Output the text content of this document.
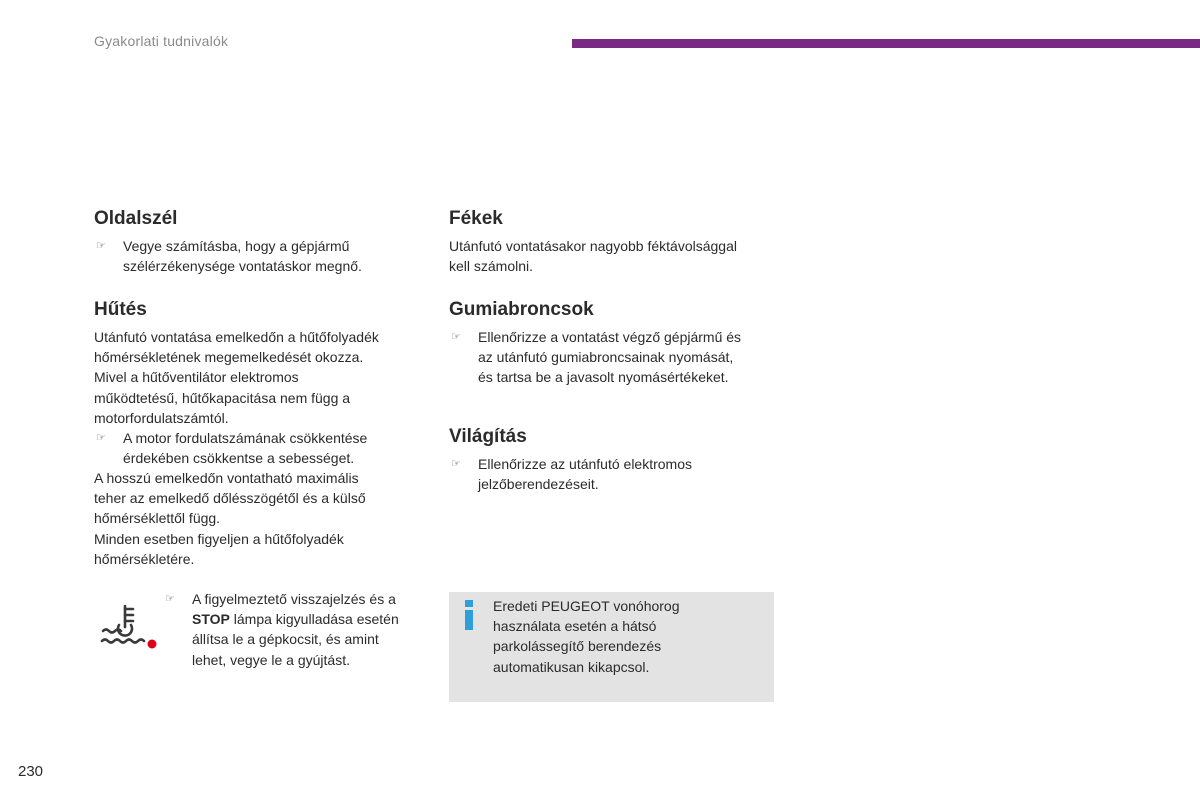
Gyakorlati tudnivalók
Oldalszél
☞ Vegye számításba, hogy a gépjármű
szélérzékenysége vontatáskor megnő.
Hűtés
Utánfutó vontatása emelkedőn a hűtőfolyadék
hőmérsékletének megemelkedését okozza.
Mivel a hűtőventilátor elektromos
működtetésű, hűtőkapacitása nem függ a
motorfordulatszámtól.
☞ A motor fordulatszámának csökkentése
érdekében csökkentse a sebességet.
A hosszú emelkedőn vontatható maximális
teher az emelkedő dőlésszögétől és a külső
hőmérséklettől függ.
Minden esetben figyeljen a hűtőfolyadék
hőmérsékletére.
☞ A figyelmeztető visszajelzés és a
STOP lámpa kigyulladása esetén
állítsa le a gépkocsit, és amint
lehet, vegye le a gyújtást.
Fékek
Utánfutó vontatásakor nagyobb féktávolsággal
kell számolni.
Gumiabroncsok
☞ Ellenőrizze a vontatást végző gépjármű és
az utánfutó gumiabroncsainak nyomását,
és tartsa be a javasolt nyomásértékeket.
Világítás
☞ Ellenőrizze az utánfutó elektromos
jelzőberendezéseit.
Eredeti PEUGEOT vonóhorog
használata esetén a hátsó
parkolássegítő berendezés
automatikusan kikapcsol.
230
